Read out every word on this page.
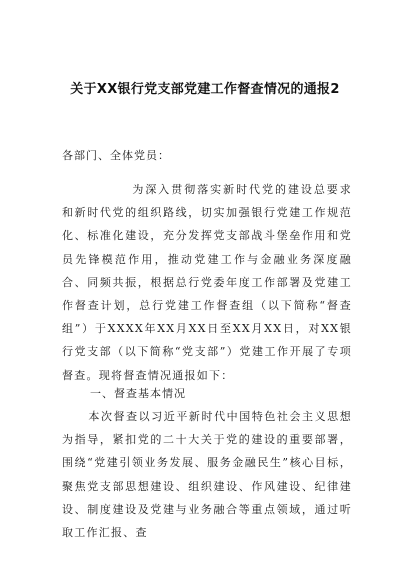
关于XX银行党支部党建工作督查情况的通报2
各部门、全体党员：

为深入贯彻落实新时代党的建设总要求和新时代党的组织路线，切实加强银行党建工作规范化、标准化建设，充分发挥党支部战斗堡垒作用和党员先锋模范作用，推动党建工作与金融业务深度融合、同频共振，根据总行党委年度工作部署及党建工作督查计划，总行党建工作督查组（以下简称“督查组”）于XXXX年XX月XX日至XX月XX日，对XX银行党支部（以下简称“党支部”）党建工作开展了专项督查。现将督查情况通报如下：

一、督查基本情况

本次督查以习近平新时代中国特色社会主义思想为指导，紧扣党的二十大关于党的建设的重要部署，围绕“党建引领业务发展、服务金融民生”核心目标，聚焦党支部思想建设、组织建设、作风建设、纪律建设、制度建设及党建与业务融合等重点领域，通过听取工作汇报、查
